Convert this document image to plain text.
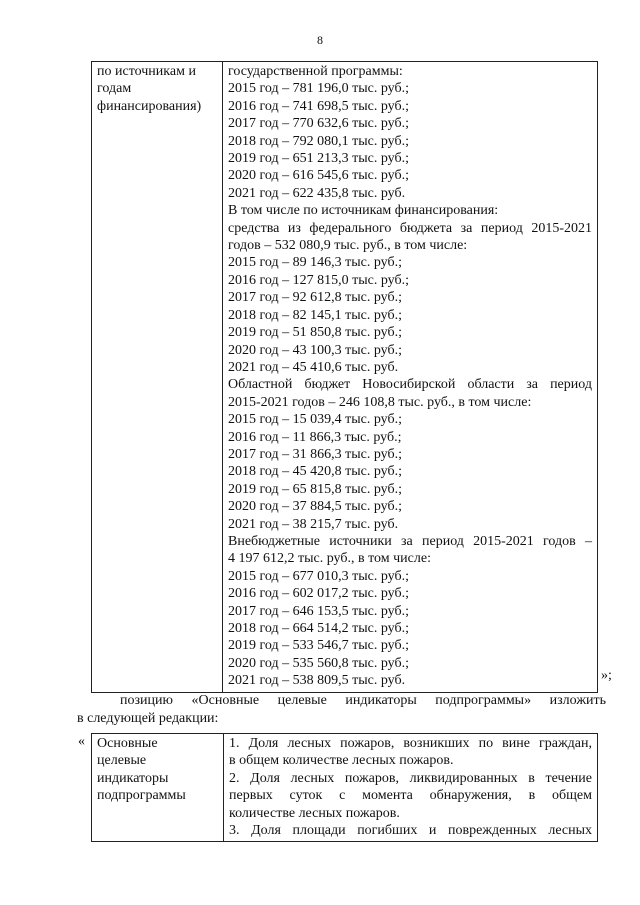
8
по источникам и
годам
финансирования)

государственной программы:
2015 год – 781 196,0 тыс. руб.;
2016 год – 741 698,5 тыс. руб.;
2017 год – 770 632,6 тыс. руб.;
2018 год – 792 080,1 тыс. руб.;
2019 год – 651 213,3 тыс. руб.;
2020 год – 616 545,6 тыс. руб.;
2021 год – 622 435,8 тыс. руб.
В том числе по источникам финансирования:
средства из федерального бюджета за период 2015-2021
годов – 532 080,9 тыс. руб., в том числе:
2015 год – 89 146,3 тыс. руб.;
2016 год – 127 815,0 тыс. руб.;
2017 год – 92 612,8 тыс. руб.;
2018 год – 82 145,1 тыс. руб.;
2019 год – 51 850,8 тыс. руб.;
2020 год – 43 100,3 тыс. руб.;
2021 год – 45 410,6 тыс. руб.
Областной бюджет Новосибирской области за период
2015-2021 годов – 246 108,8 тыс. руб., в том числе:
2015 год – 15 039,4 тыс. руб.;
2016 год – 11 866,3 тыс. руб.;
2017 год – 31 866,3 тыс. руб.;
2018 год – 45 420,8 тыс. руб.;
2019 год – 65 815,8 тыс. руб.;
2020 год – 37 884,5 тыс. руб.;
2021 год – 38 215,7 тыс. руб.
Внебюджетные источники за период 2015-2021 годов –
4 197 612,2 тыс. руб., в том числе:
2015 год – 677 010,3 тыс. руб.;
2016 год – 602 017,2 тыс. руб.;
2017 год – 646 153,5 тыс. руб.;
2018 год – 664 514,2 тыс. руб.;
2019 год – 533 546,7 тыс. руб.;
2020 год – 535 560,8 тыс. руб.;
2021 год – 538 809,5 тыс. руб.	»;
позицию «Основные целевые индикаторы подпрограммы» изложить
в следующей редакции:
« Основные
целевые
индикаторы
подпрограммы

1. Доля лесных пожаров, возникших по вине граждан,
в общем количестве лесных пожаров.
2. Доля лесных пожаров, ликвидированных в течение
первых суток с момента обнаружения, в общем
количестве лесных пожаров.
3. Доля площади погибших и поврежденных лесных
